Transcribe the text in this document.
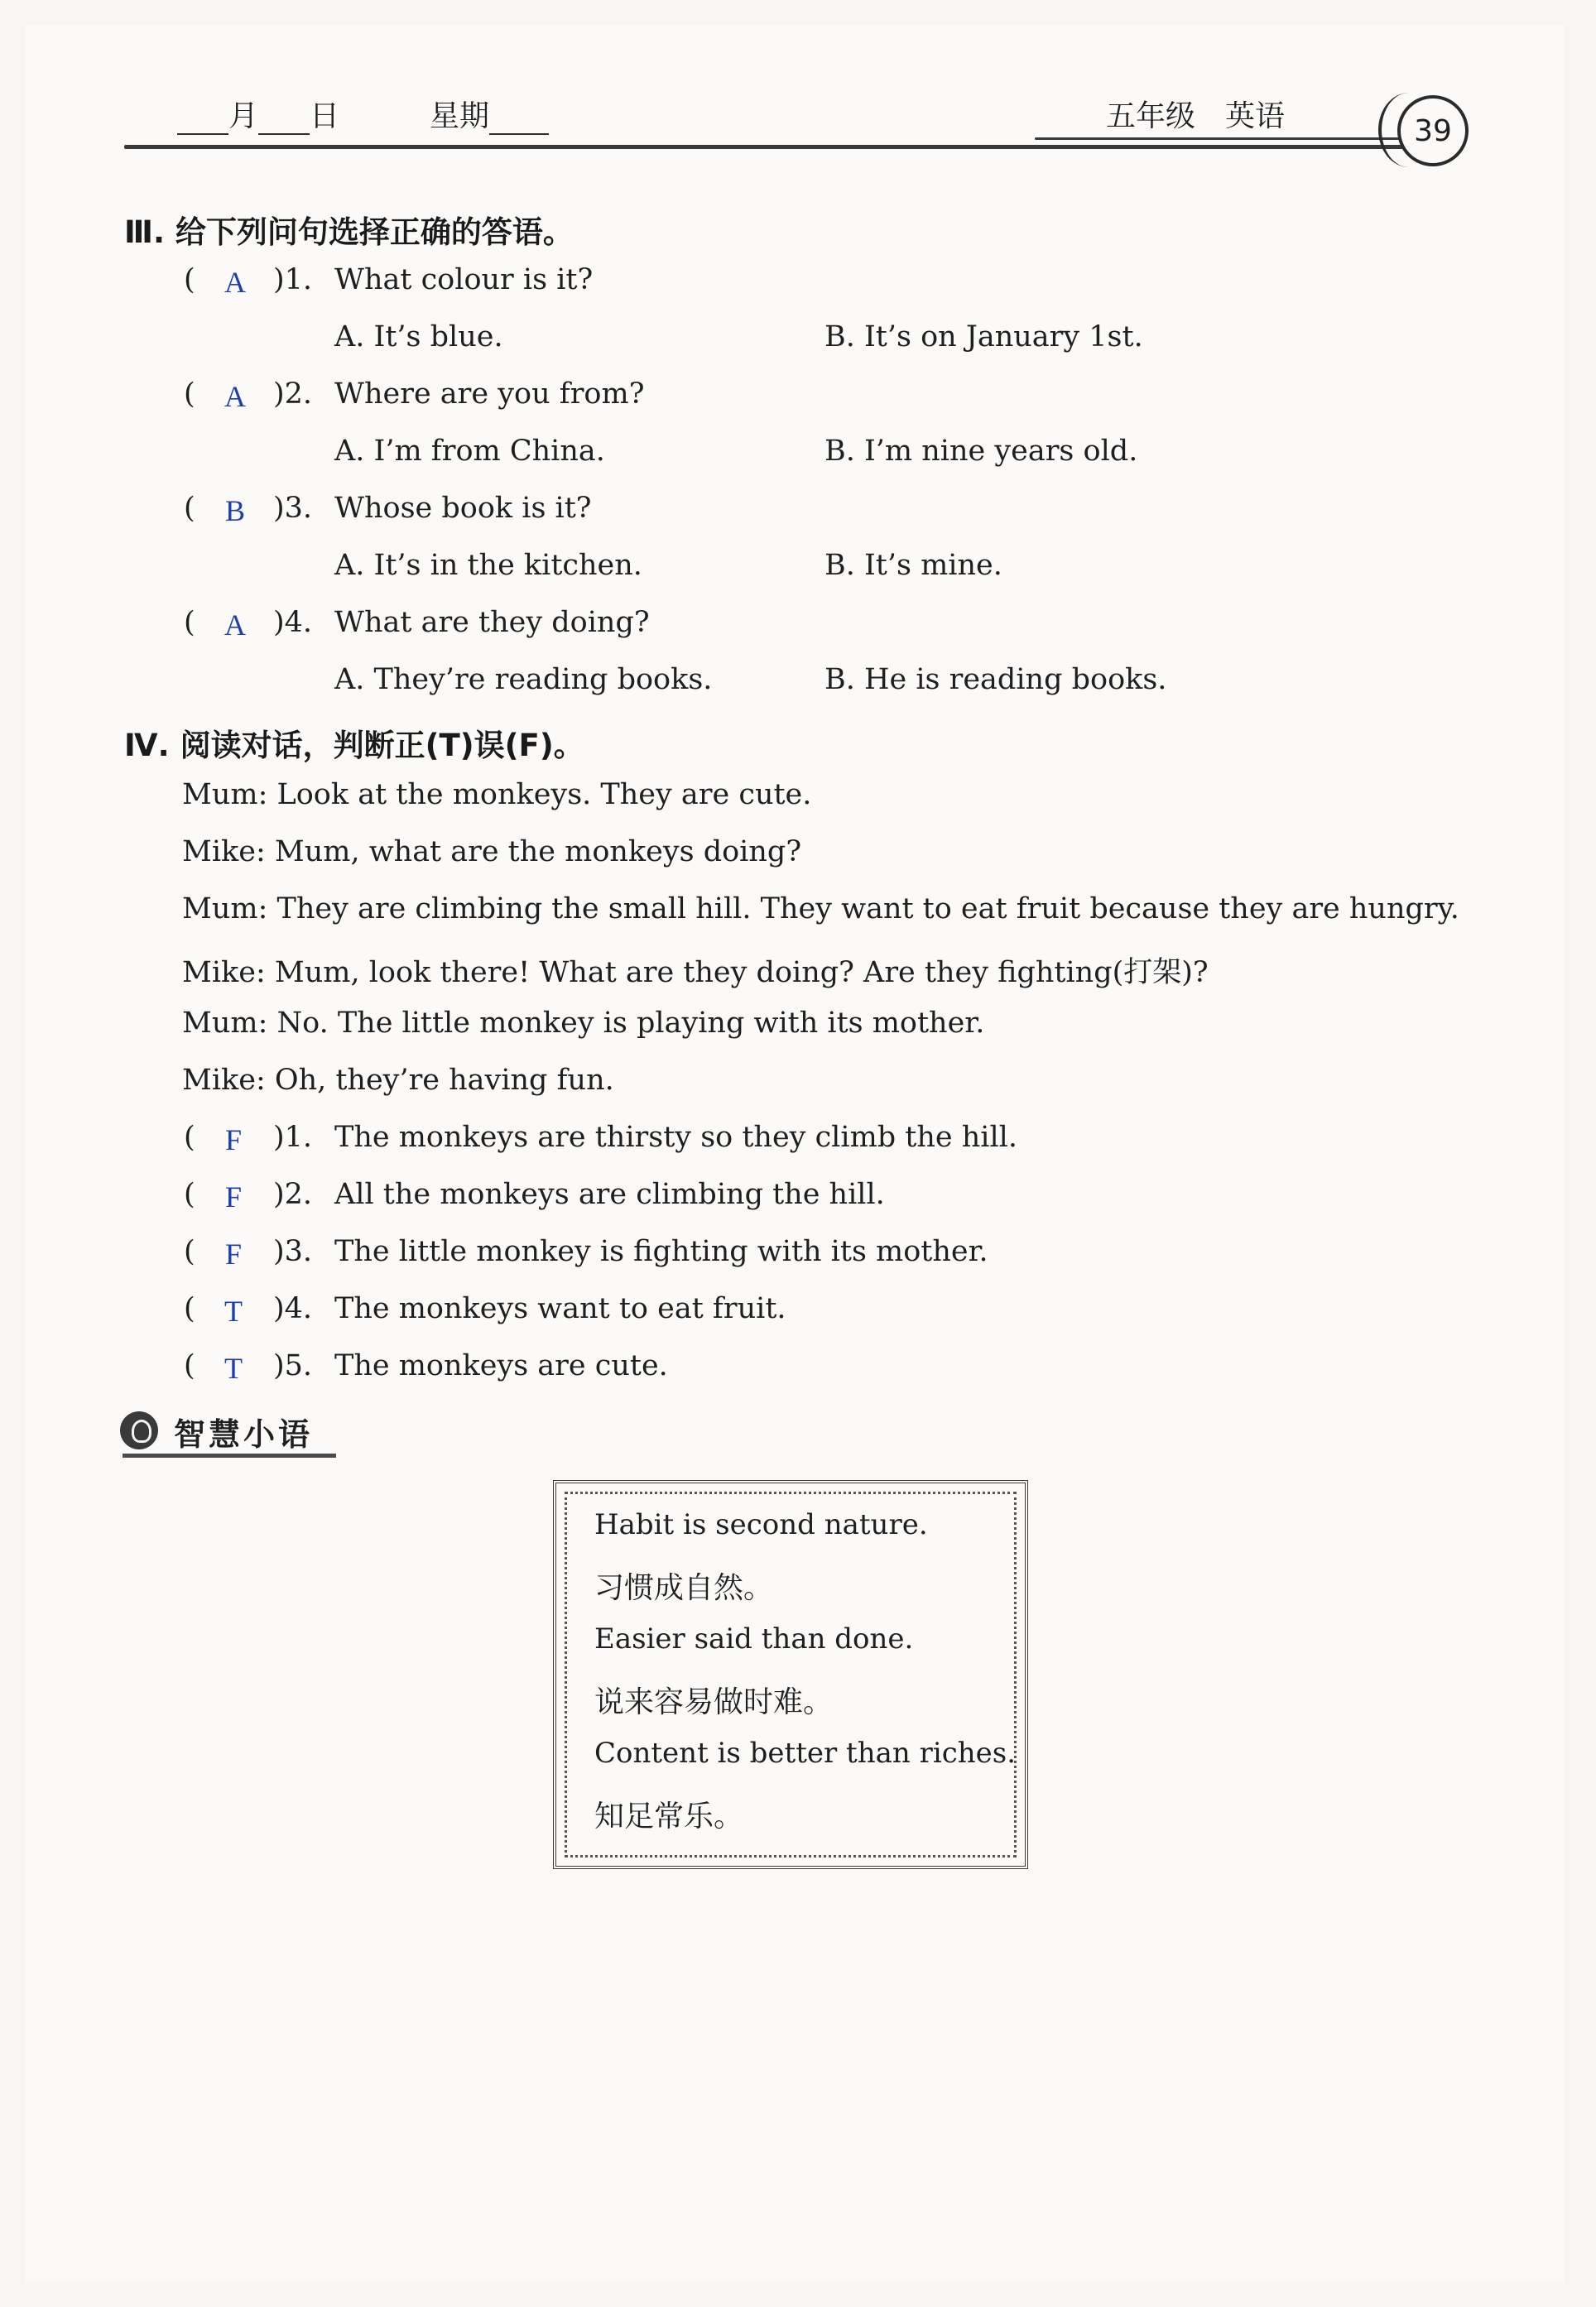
月 日	星期	五年级　英语	39
Ⅲ. 给下列问句选择正确的答语。
( A )1. What colour is it?
A. It’s blue.	B. It’s on January 1st.
( A )2. Where are you from?
A. I’m from China.	B. I’m nine years old.
( B )3. Whose book is it?
A. It’s in the kitchen.	B. It’s mine.
( A )4. What are they doing?
A. They’re reading books.	B. He is reading books.
Ⅳ. 阅读对话，判断正(T)误(F)。
Mum: Look at the monkeys. They are cute.
Mike: Mum, what are the monkeys doing?
Mum: They are climbing the small hill. They want to eat fruit because they are hungry.
Mike: Mum, look there! What are they doing? Are they fighting(打架)?
Mum: No. The little monkey is playing with its mother.
Mike: Oh, they’re having fun.
(	F	)1. The monkeys are thirsty so they climb the hill.
(	F	)2. All the monkeys are climbing the hill.
(	F	)3. The little monkey is fighting with its mother.
( T	)4. The monkeys want to eat fruit.
( T	)5. The monkeys are cute.
智慧小语
Habit is second nature.
习惯成自然。
Easier said than done.
说来容易做时难。
Content is better than riches.
知足常乐。
